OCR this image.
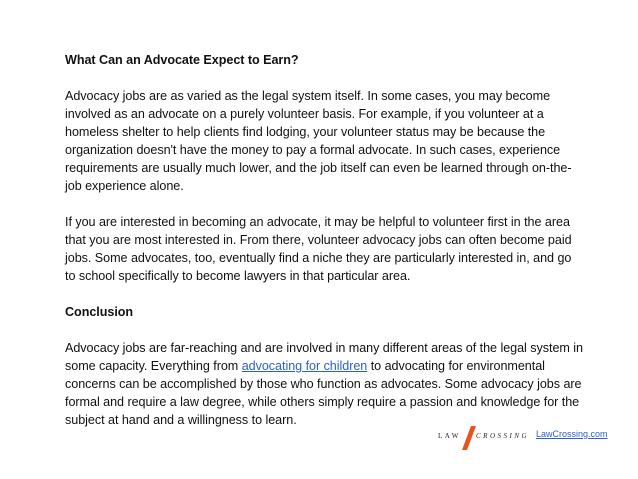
What Can an Advocate Expect to Earn?

Advocacy jobs are as varied as the legal system itself. In some cases, you may become involved as an advocate on a purely volunteer basis. For example, if you volunteer at a homeless shelter to help clients find lodging, your volunteer status may be because the organization doesn't have the money to pay a formal advocate. In such cases, experience requirements are usually much lower, and the job itself can even be learned through on-the-job experience alone.

If you are interested in becoming an advocate, it may be helpful to volunteer first in the area that you are most interested in. From there, volunteer advocacy jobs can often become paid jobs. Some advocates, too, eventually find a niche they are particularly interested in, and go to school specifically to become lawyers in that particular area.

Conclusion

Advocacy jobs are far-reaching and are involved in many different areas of the legal system in some capacity. Everything from advocating for children to advocating for environmental concerns can be accomplished by those who function as advocates. Some advocacy jobs are formal and require a law degree, while others simply require a passion and knowledge for the subject at hand and a willingness to learn.

LAW CROSSING LawCrossing.com
